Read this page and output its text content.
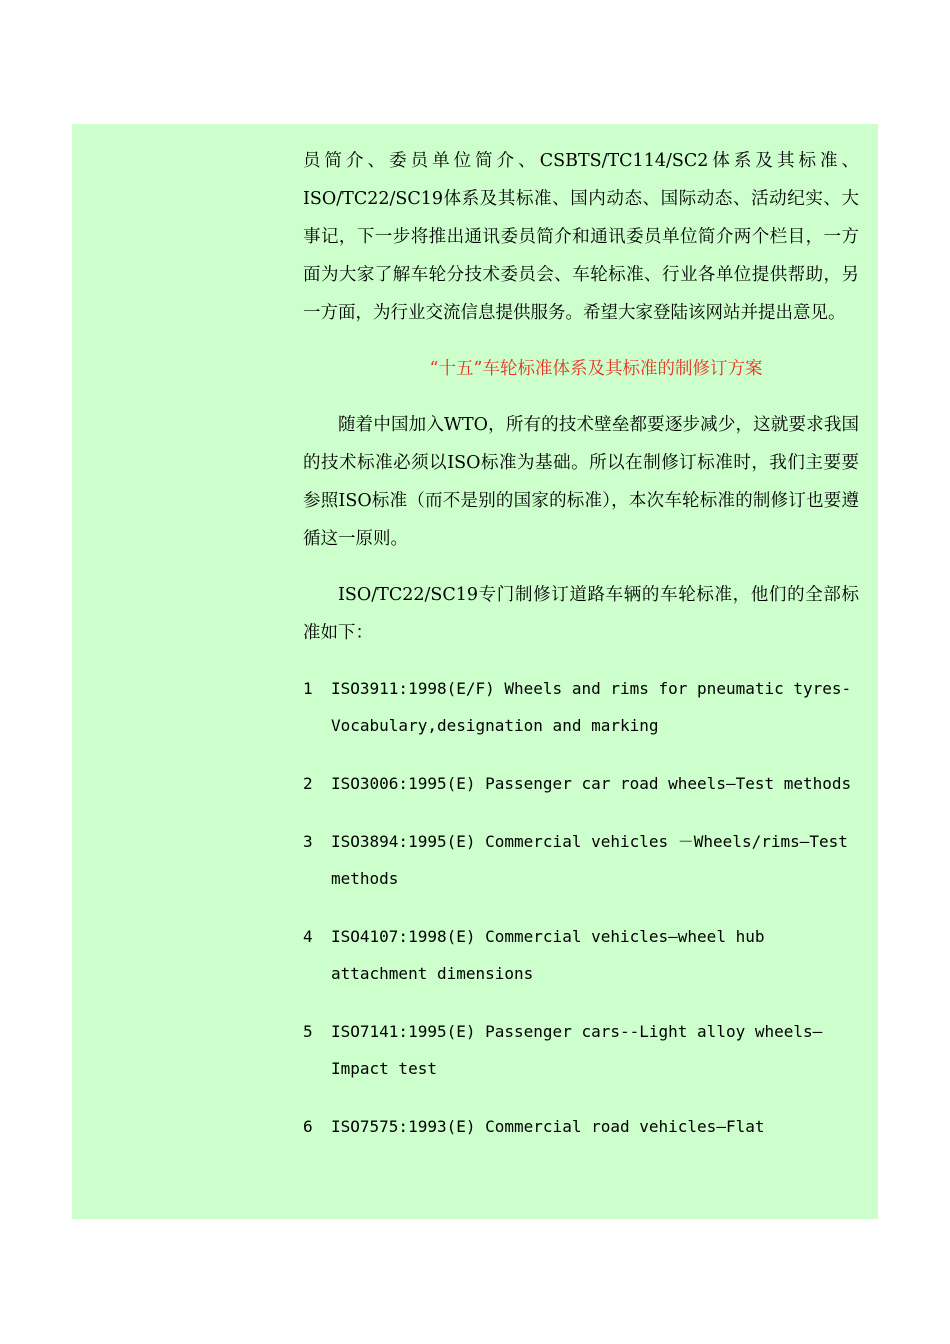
员简介、委员单位简介、CSBTS/TC114/SC2体系及其标准、ISO/TC22/SC19体系及其标准、国内动态、国际动态、活动纪实、大事记，下一步将推出通讯委员简介和通讯委员单位简介两个栏目，一方面为大家了解车轮分技术委员会、车轮标准、行业各单位提供帮助，另一方面，为行业交流信息提供服务。希望大家登陆该网站并提出意见。

“十五”车轮标准体系及其标准的制修订方案

随着中国加入WTO，所有的技术壁垒都要逐步减少，这就要求我国的技术标准必须以ISO标准为基础。所以在制修订标准时，我们主要要参照ISO标准（而不是别的国家的标准），本次车轮标准的制修订也要遵循这一原则。

ISO/TC22/SC19专门制修订道路车辆的车轮标准，他们的全部标准如下：

1 ISO3911:1998(E/F) Wheels and rims for pneumatic tyres-Vocabulary,designation and marking

2 ISO3006:1995(E) Passenger car road wheels—Test methods

3 ISO3894:1995(E) Commercial vehicles －Wheels/rims—Test methods

4 ISO4107:1998(E) Commercial vehicles—wheel hub attachment dimensions

5 ISO7141:1995(E) Passenger cars--Light alloy wheels—Impact test

6 ISO7575:1993(E) Commercial road vehicles—Flat
